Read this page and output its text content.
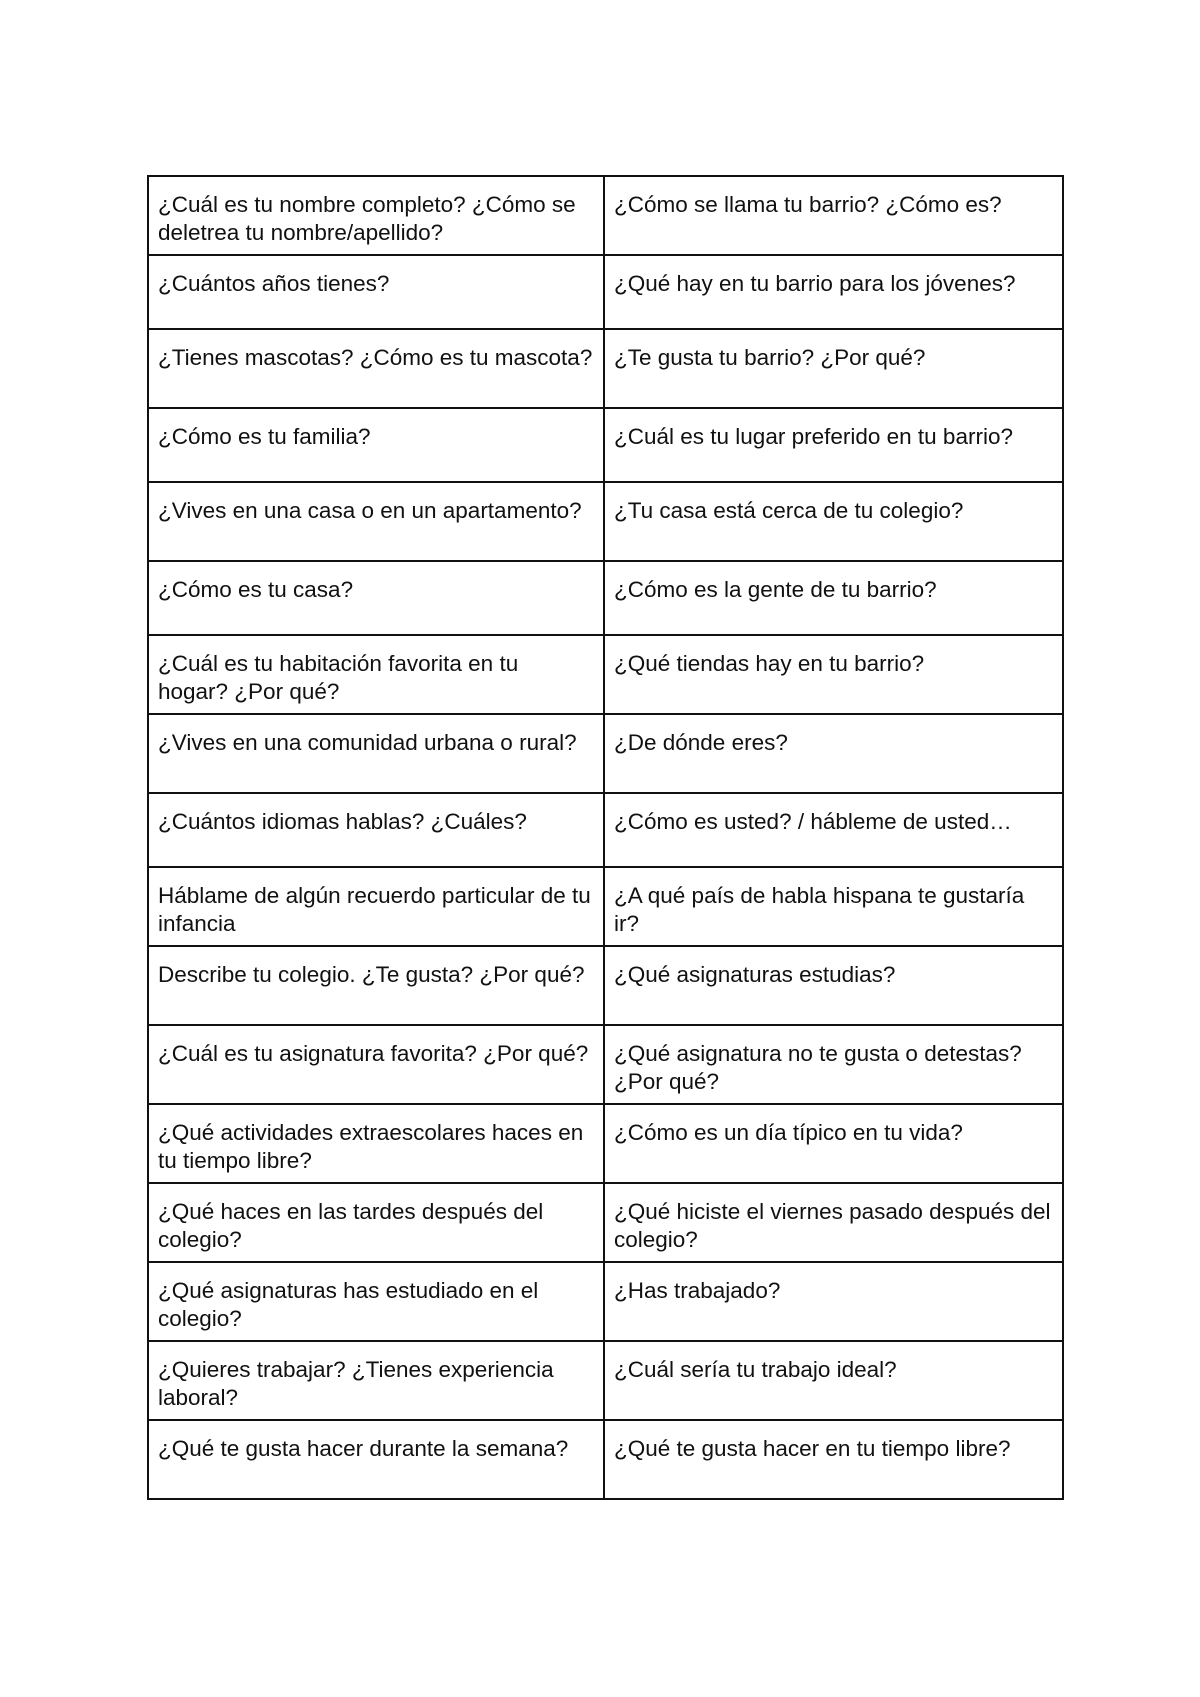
¿Cuál es tu nombre completo? ¿Cómo se deletrea tu nombre/apellido?	¿Cómo se llama tu barrio? ¿Cómo es?
¿Cuántos años tienes?	¿Qué hay en tu barrio para los jóvenes?
¿Tienes mascotas? ¿Cómo es tu mascota?	¿Te gusta tu barrio? ¿Por qué?
¿Cómo es tu familia?	¿Cuál es tu lugar preferido en tu barrio?
¿Vives en una casa o en un apartamento?	¿Tu casa está cerca de tu colegio?
¿Cómo es tu casa?	¿Cómo es la gente de tu barrio?
¿Cuál es tu habitación favorita en tu hogar? ¿Por qué?	¿Qué tiendas hay en tu barrio?
¿Vives en una comunidad urbana o rural?	¿De dónde eres?
¿Cuántos idiomas hablas? ¿Cuáles?	¿Cómo es usted? / hábleme de usted…
Háblame de algún recuerdo particular de tu infancia	¿A qué país de habla hispana te gustaría ir?
Describe tu colegio. ¿Te gusta? ¿Por qué?	¿Qué asignaturas estudias?
¿Cuál es tu asignatura favorita? ¿Por qué?	¿Qué asignatura no te gusta o detestas? ¿Por qué?
¿Qué actividades extraescolares haces en tu tiempo libre?	¿Cómo es un día típico en tu vida?
¿Qué haces en las tardes después del colegio?	¿Qué hiciste el viernes pasado después del colegio?
¿Qué asignaturas has estudiado en el colegio?	¿Has trabajado?
¿Quieres trabajar? ¿Tienes experiencia laboral?	¿Cuál sería tu trabajo ideal?
¿Qué te gusta hacer durante la semana?	¿Qué te gusta hacer en tu tiempo libre?
